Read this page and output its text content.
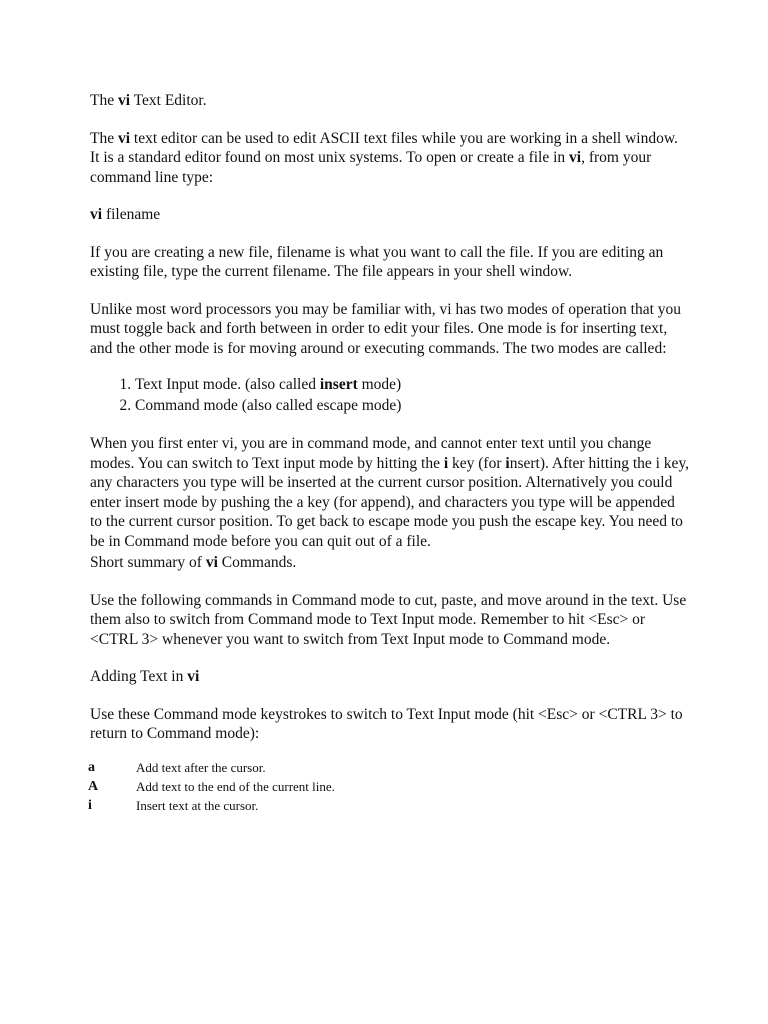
The vi Text Editor.

The vi text editor can be used to edit ASCII text files while you are working in a shell window. It is a standard editor found on most unix systems. To open or create a file in vi, from your command line type:

vi filename

If you are creating a new file, filename is what you want to call the file. If you are editing an existing file, type the current filename. The file appears in your shell window.

Unlike most word processors you may be familiar with, vi has two modes of operation that you must toggle back and forth between in order to edit your files. One mode is for inserting text, and the other mode is for moving around or executing commands. The two modes are called:

1. Text Input mode. (also called insert mode)
2. Command mode (also called escape mode)

When you first enter vi, you are in command mode, and cannot enter text until you change modes. You can switch to Text input mode by hitting the i key (for insert). After hitting the i key, any characters you type will be inserted at the current cursor position. Alternatively you could enter insert mode by pushing the a key (for append), and characters you type will be appended to the current cursor position. To get back to escape mode you push the escape key. You need to be in Command mode before you can quit out of a file.

Short summary of vi Commands.

Use the following commands in Command mode to cut, paste, and move around in the text. Use them also to switch from Command mode to Text Input mode. Remember to hit <Esc> or <CTRL 3> whenever you want to switch from Text Input mode to Command mode.

Adding Text in vi

Use these Command mode keystrokes to switch to Text Input mode (hit <Esc> or <CTRL 3> to return to Command mode):

a	Add text after the cursor.
A	Add text to the end of the current line.
i	Insert text at the cursor.
